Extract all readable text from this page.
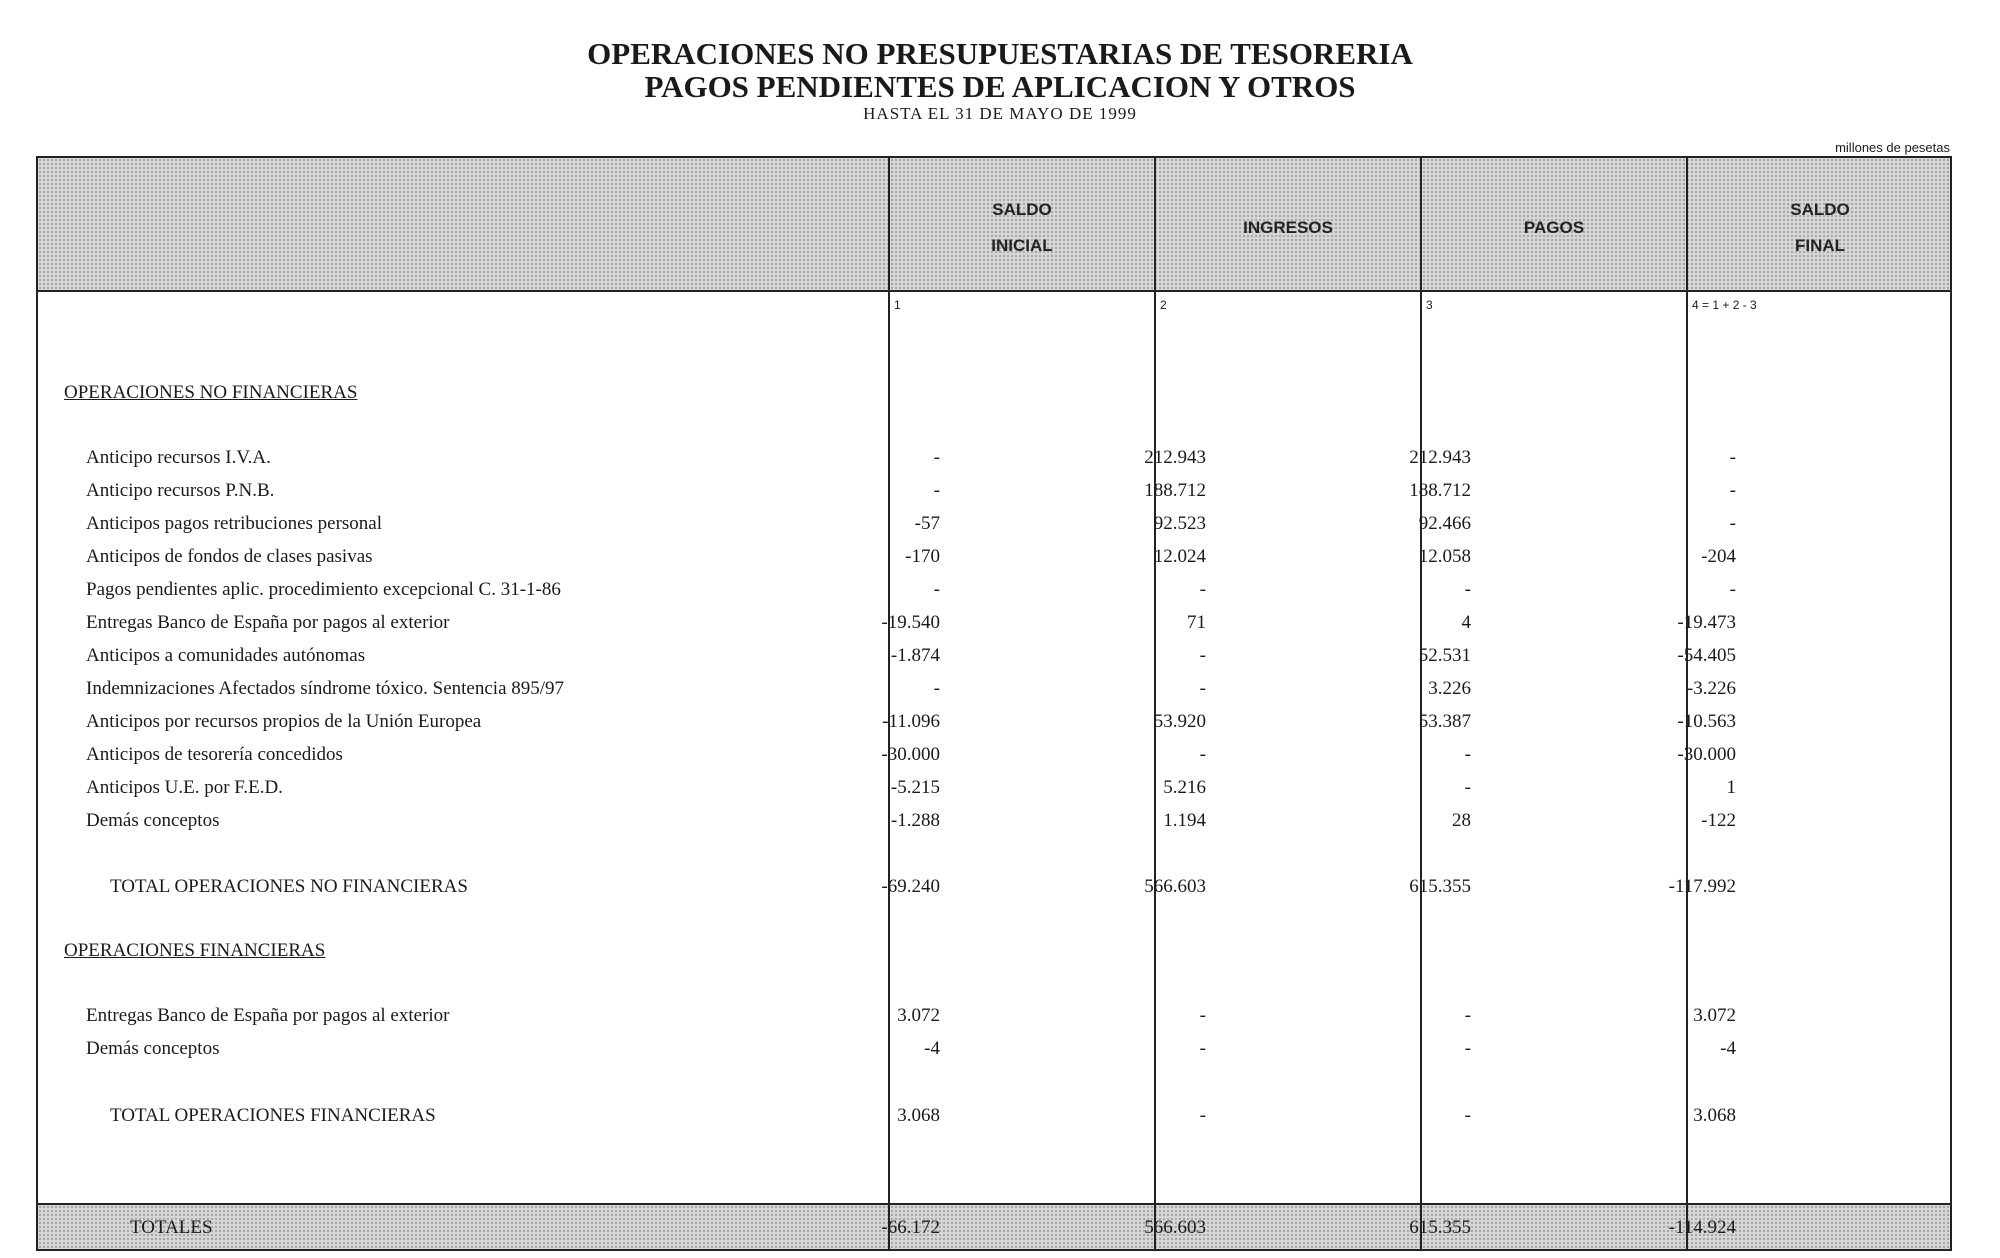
OPERACIONES NO PRESUPUESTARIAS DE TESORERIA
PAGOS PENDIENTES DE APLICACION Y OTROS
HASTA EL 31 DE MAYO DE 1999
millones de pesetas
SALDO
INICIAL
INGRESOS	PAGOS
SALDO
FINAL
1	2	3	4 = 1 + 2 - 3
OPERACIONES NO FINANCIERAS
Anticipo recursos I.V.A.	-	212.943	212.943	-
Anticipo recursos P.N.B.	-	188.712	188.712	-
Anticipos pagos retribuciones personal	-57	92.523	92.466	-
Anticipos de fondos de clases pasivas	-170	12.024	12.058	-204
Pagos pendientes aplic. procedimiento excepcional C. 31-1-86	-	-	-	-
Entregas Banco de España por pagos al exterior	-19.540	71	4	-19.473
Anticipos a comunidades autónomas	-1.874	-	52.531	-54.405
Indemnizaciones Afectados síndrome tóxico. Sentencia 895/97	-	-	3.226	-3.226
Anticipos por recursos propios de la Unión Europea	-11.096	53.920	53.387	-10.563
Anticipos de tesorería concedidos	-30.000	-	-	-30.000
Anticipos U.E. por F.E.D.	-5.215	5.216	-	1
Demás conceptos	-1.288	1.194	28	-122
TOTAL OPERACIONES NO FINANCIERAS	-69.240	566.603	615.355	-117.992
OPERACIONES FINANCIERAS
Entregas Banco de España por pagos al exterior	3.072	-	-	3.072
Demás conceptos	-4	-	-	-4
TOTAL OPERACIONES FINANCIERAS	3.068	-	-	3.068
TOTALES	-66.172	566.603	615.355	-114.924
